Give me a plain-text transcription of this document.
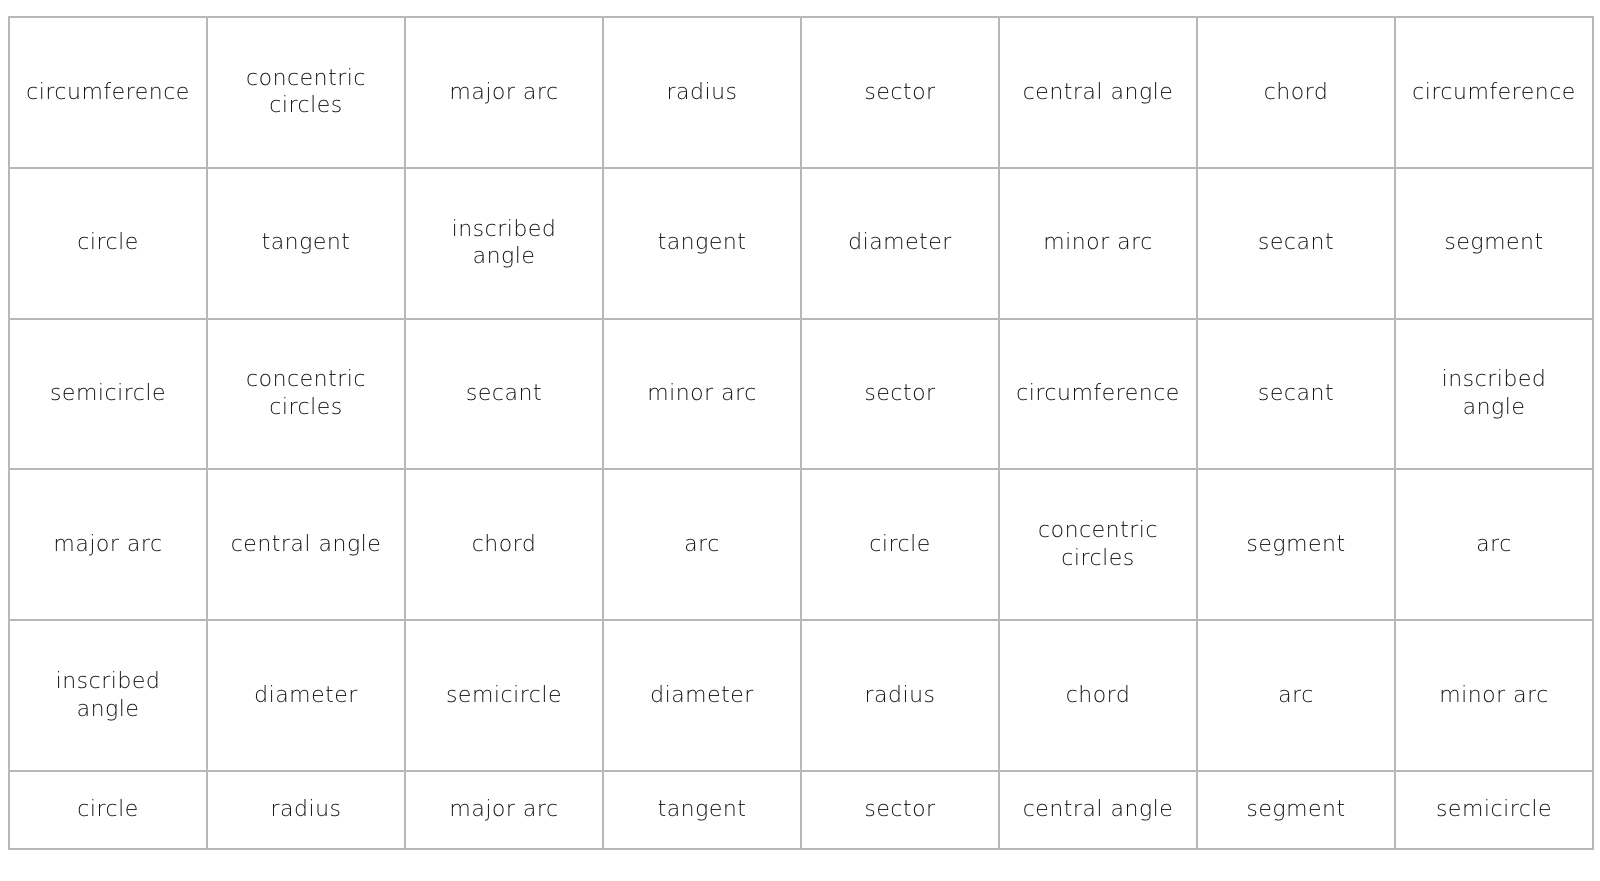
circumference	concentric circles	major arc	radius	sector	central angle	chord	circumference
circle	tangent	inscribed angle	tangent	diameter	minor arc	secant	segment
semicircle	concentric circles	secant	minor arc	sector	circumference	secant	inscribed angle
major arc	central angle	chord	arc	circle	concentric circles	segment	arc
inscribed angle	diameter	semicircle	diameter	radius	chord	arc	minor arc
circle	radius	major arc	tangent	sector	central angle	segment	semicircle
